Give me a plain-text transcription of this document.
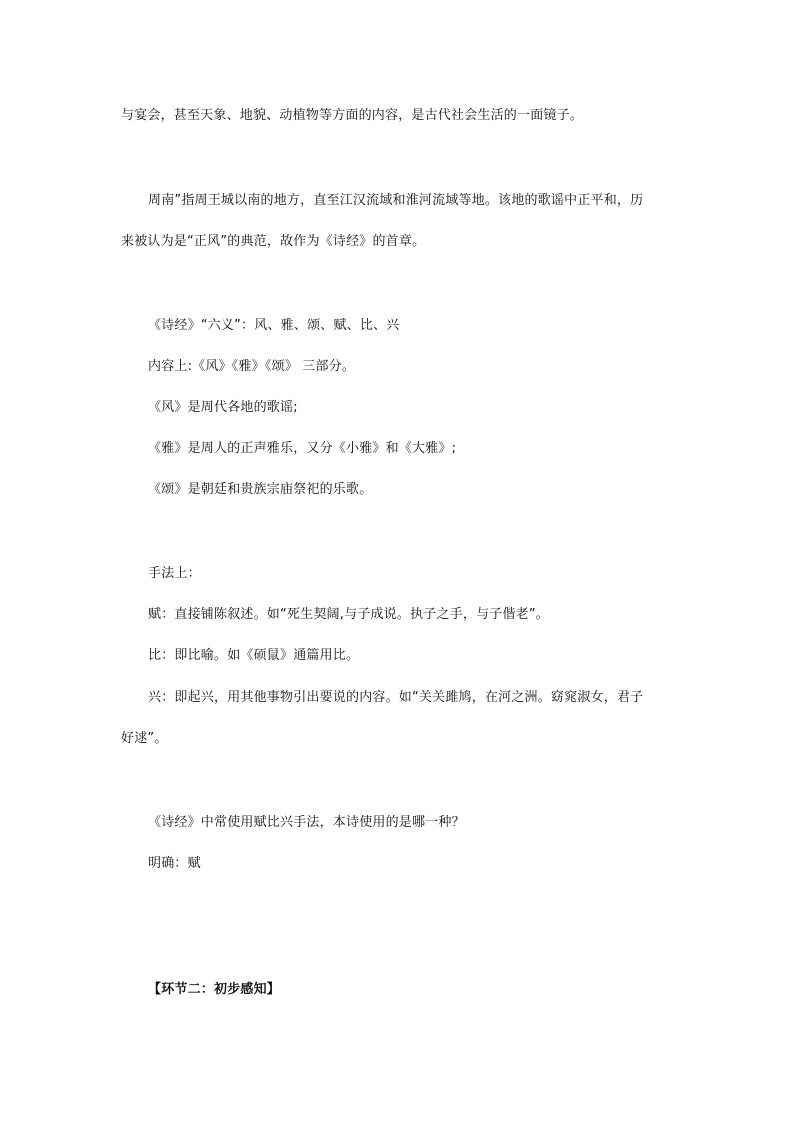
与宴会，甚至天象、地貌、动植物等方面的内容，是古代社会生活的一面镜子。
周南”指周王城以南的地方，直至江汉流域和淮河流域等地。该地的歌谣中正平和，历
来被认为是“正风”的典范，故作为《诗经》的首章。
《诗经》“六义”：风、雅、颂、赋、比、兴
内容上:《风》《雅》《颂》 三部分。
《风》是周代各地的歌谣;
《雅》是周人的正声雅乐，又分《小雅》和《大雅》;
《颂》是朝廷和贵族宗庙祭祀的乐歌。
手法上：
赋：直接铺陈叙述。如“死生契阔,与子成说。执子之手，与子偕老”。
比：即比喻。如《硕鼠》通篇用比。
兴：即起兴，用其他事物引出要说的内容。如“关关雎鸠，在河之洲。窈窕淑女，君子
好逑”。
《诗经》中常使用赋比兴手法，本诗使用的是哪一种？
明确：赋
【环节二：初步感知】
